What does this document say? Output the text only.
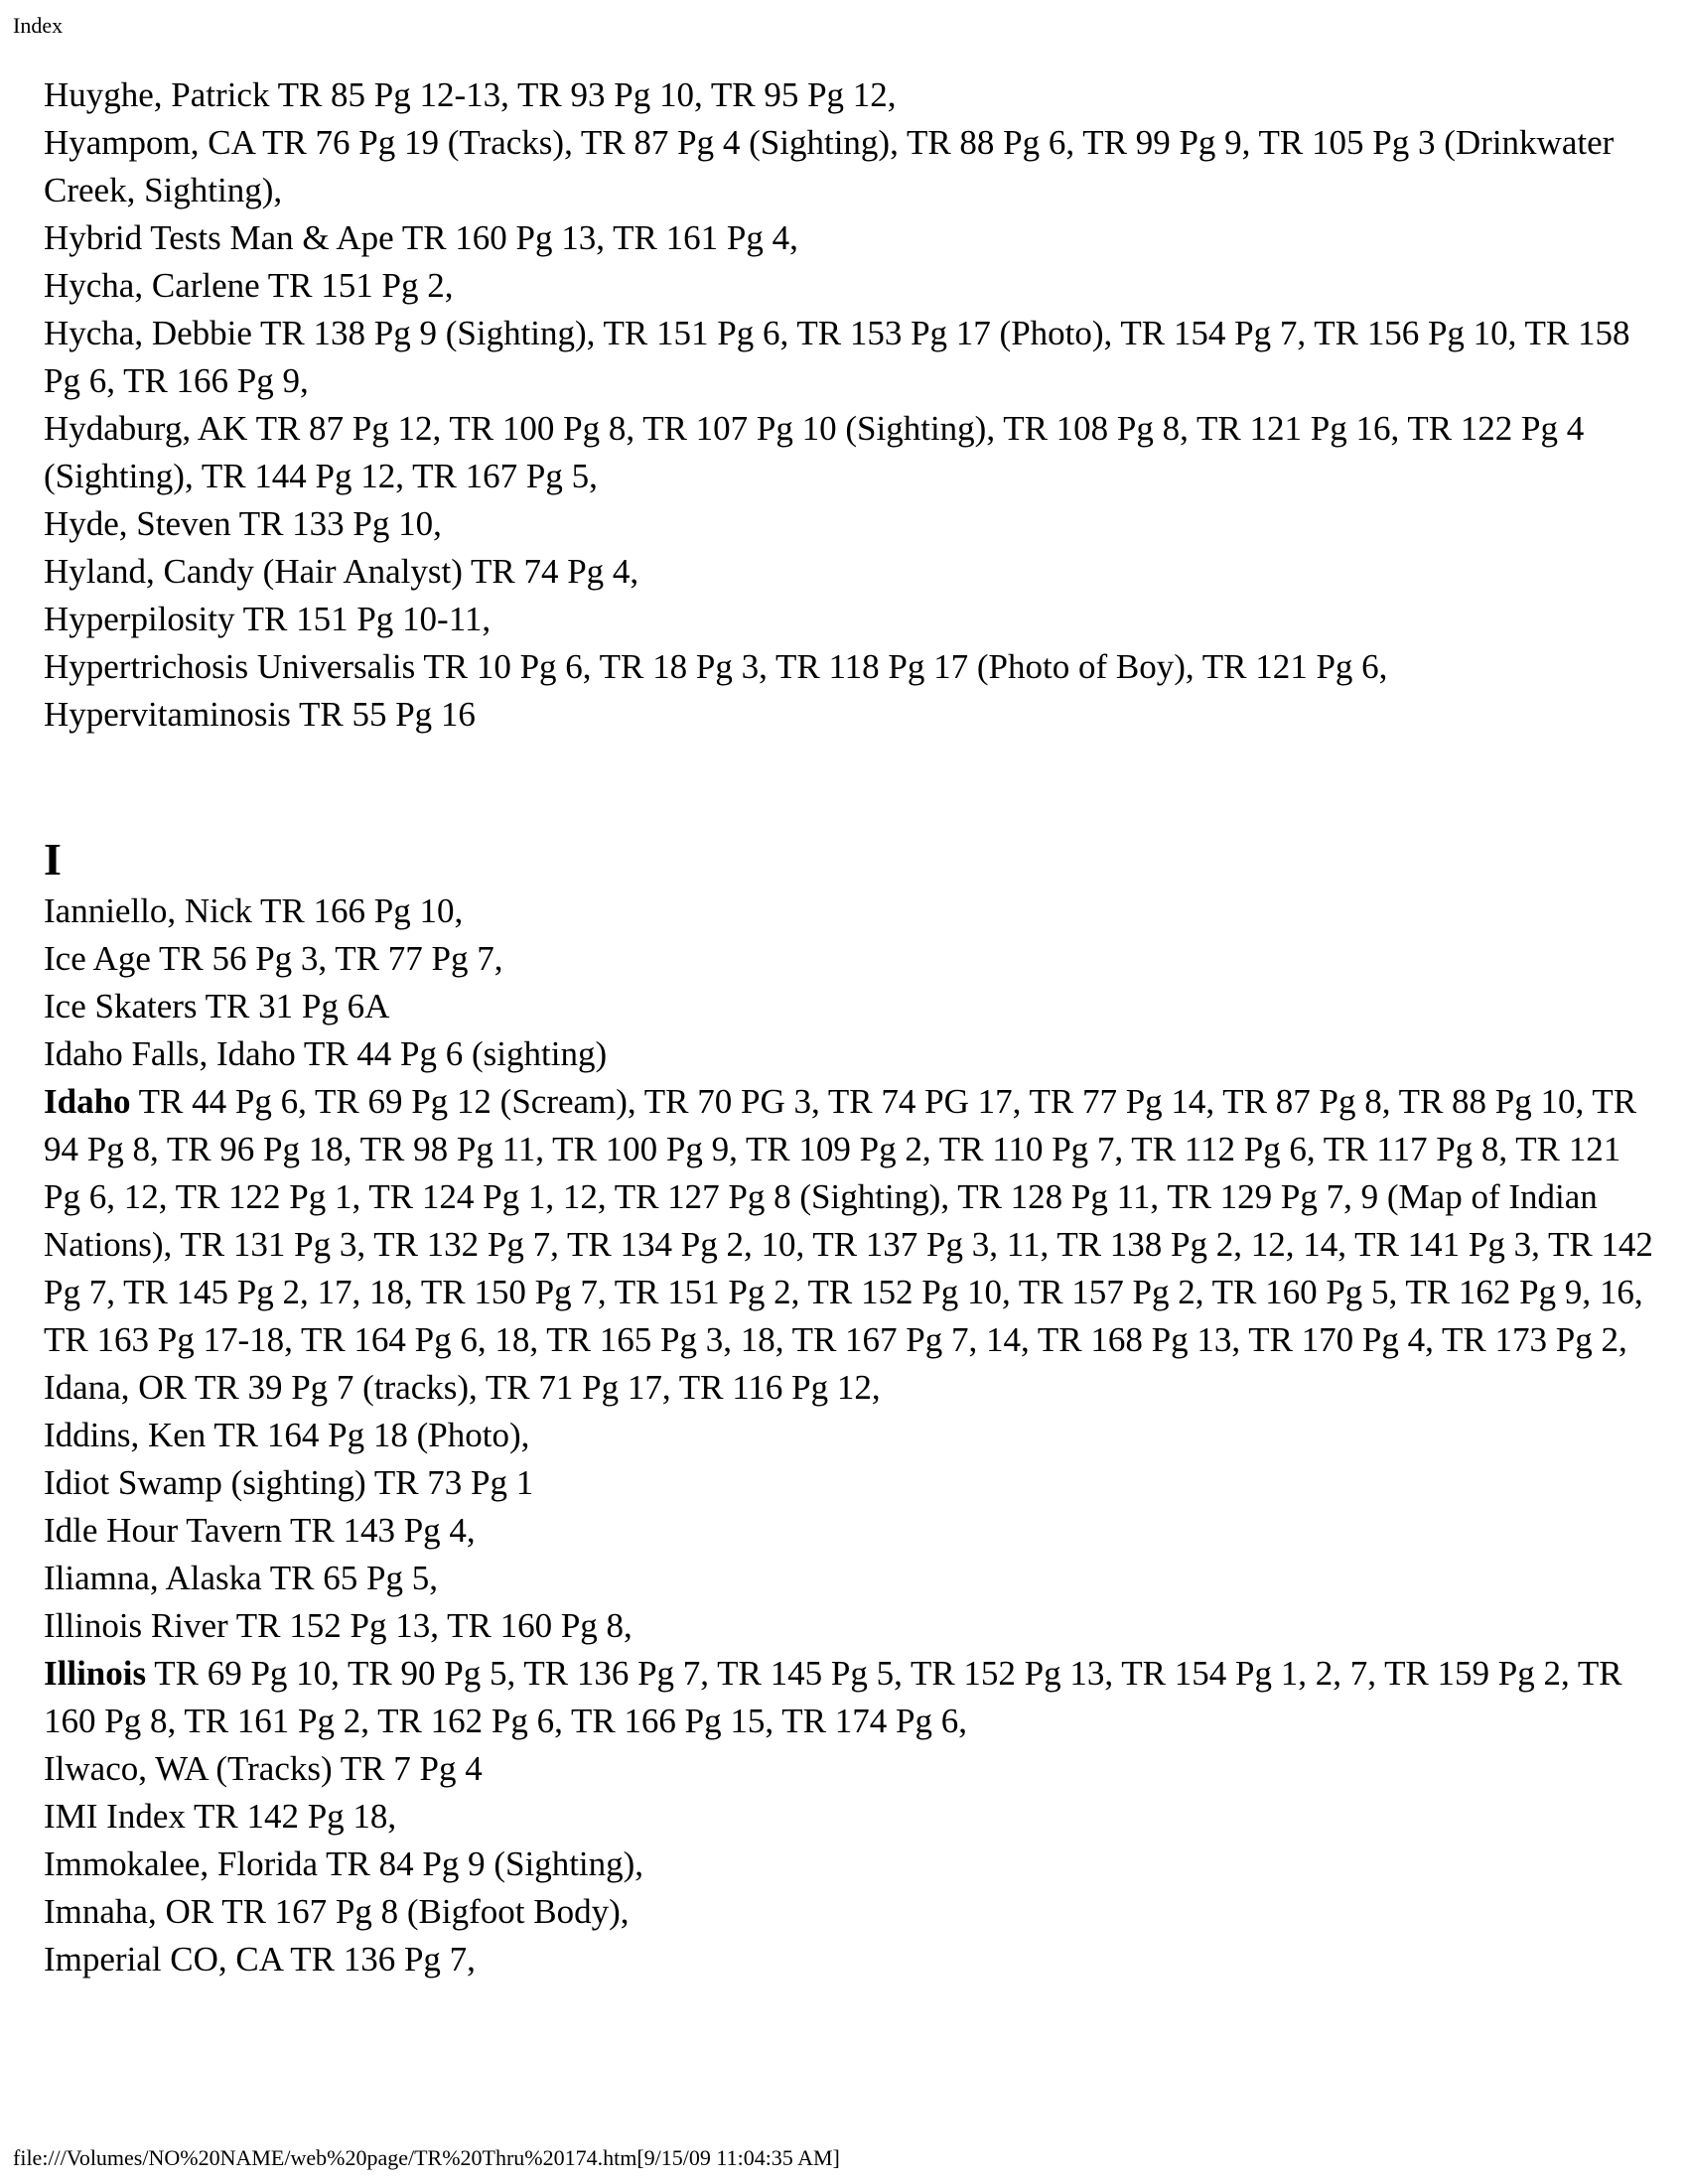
Index
Huyghe, Patrick TR 85 Pg 12-13, TR 93 Pg 10, TR 95 Pg 12,
Hyampom, CA TR 76 Pg 19 (Tracks), TR 87 Pg 4 (Sighting), TR 88 Pg 6, TR 99 Pg 9, TR 105 Pg 3 (Drinkwater Creek, Sighting),
Hybrid Tests Man & Ape TR 160 Pg 13, TR 161 Pg 4,
Hycha, Carlene TR 151 Pg 2,
Hycha, Debbie TR 138 Pg 9 (Sighting), TR 151 Pg 6, TR 153 Pg 17 (Photo), TR 154 Pg 7, TR 156 Pg 10, TR 158 Pg 6, TR 166 Pg 9,
Hydaburg, AK TR 87 Pg 12, TR 100 Pg 8, TR 107 Pg 10 (Sighting), TR 108 Pg 8, TR 121 Pg 16, TR 122 Pg 4 (Sighting), TR 144 Pg 12, TR 167 Pg 5,
Hyde, Steven TR 133 Pg 10,
Hyland, Candy (Hair Analyst) TR 74 Pg 4,
Hyperpilosity TR 151 Pg 10-11,
Hypertrichosis Universalis TR 10 Pg 6, TR 18 Pg 3, TR 118 Pg 17 (Photo of Boy), TR 121 Pg 6,
Hypervitaminosis TR 55 Pg 16
I
Ianniello, Nick TR 166 Pg 10,
Ice Age TR 56 Pg 3, TR 77 Pg 7,
Ice Skaters TR 31 Pg 6A
Idaho Falls, Idaho TR 44 Pg 6 (sighting)
Idaho TR 44 Pg 6, TR 69 Pg 12 (Scream), TR 70 PG 3, TR 74 PG 17, TR 77 Pg 14, TR 87 Pg 8, TR 88 Pg 10, TR 94 Pg 8, TR 96 Pg 18, TR 98 Pg 11, TR 100 Pg 9, TR 109 Pg 2, TR 110 Pg 7, TR 112 Pg 6, TR 117 Pg 8, TR 121 Pg 6, 12, TR 122 Pg 1, TR 124 Pg 1, 12, TR 127 Pg 8 (Sighting), TR 128 Pg 11, TR 129 Pg 7, 9 (Map of Indian Nations), TR 131 Pg 3, TR 132 Pg 7, TR 134 Pg 2, 10, TR 137 Pg 3, 11, TR 138 Pg 2, 12, 14, TR 141 Pg 3, TR 142 Pg 7, TR 145 Pg 2, 17, 18, TR 150 Pg 7, TR 151 Pg 2, TR 152 Pg 10, TR 157 Pg 2, TR 160 Pg 5, TR 162 Pg 9, 16, TR 163 Pg 17-18, TR 164 Pg 6, 18, TR 165 Pg 3, 18, TR 167 Pg 7, 14, TR 168 Pg 13, TR 170 Pg 4, TR 173 Pg 2,
Idana, OR TR 39 Pg 7 (tracks), TR 71 Pg 17, TR 116 Pg 12,
Iddins, Ken TR 164 Pg 18 (Photo),
Idiot Swamp (sighting) TR 73 Pg 1
Idle Hour Tavern TR 143 Pg 4,
Iliamna, Alaska TR 65 Pg 5,
Illinois River TR 152 Pg 13, TR 160 Pg 8,
Illinois TR 69 Pg 10, TR 90 Pg 5, TR 136 Pg 7, TR 145 Pg 5, TR 152 Pg 13, TR 154 Pg 1, 2, 7, TR 159 Pg 2, TR 160 Pg 8, TR 161 Pg 2, TR 162 Pg 6, TR 166 Pg 15, TR 174 Pg 6,
Ilwaco, WA (Tracks) TR 7 Pg 4
IMI Index TR 142 Pg 18,
Immokalee, Florida TR 84 Pg 9 (Sighting),
Imnaha, OR TR 167 Pg 8 (Bigfoot Body),
Imperial CO, CA TR 136 Pg 7,
file:///Volumes/NO%20NAME/web%20page/TR%20Thru%20174.htm[9/15/09 11:04:35 AM]
